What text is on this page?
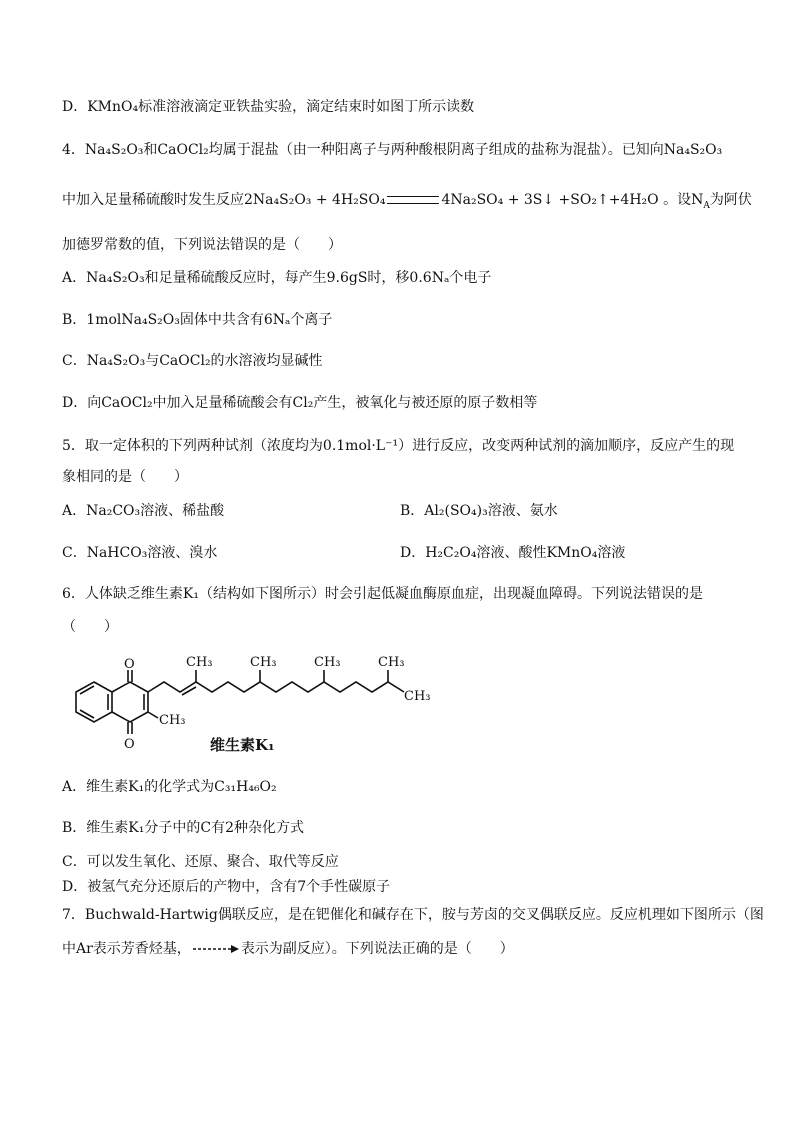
D．KMnO₄标准溶液滴定亚铁盐实验，滴定结束时如图丁所示读数
4．Na₄S₂O₃和CaOCl₂均属于混盐（由一种阳离子与两种酸根阴离子组成的盐称为混盐）。已知向Na₄S₂O₃
中加入足量稀硫酸时发生反应2Na₄S₂O₃ + 4H₂SO₄	4Na₂SO₄ + 3S↓ +SO₂↑+4H₂O 。设$N_A$为阿伏
加德罗常数的值，下列说法错误的是（　　）
A．Na₄S₂O₃和足量稀硫酸反应时，每产生9.6gS时，移0.6Nₐ个电子
B．1molNa₄S₂O₃固体中共含有6Nₐ个离子
C．Na₄S₂O₃与CaOCl₂的水溶液均显碱性
D．向CaOCl₂中加入足量稀硫酸会有Cl₂产生，被氧化与被还原的原子数相等
5．取一定体积的下列两种试剂（浓度均为0.1mol·L⁻¹）进行反应，改变两种试剂的滴加顺序，反应产生的现
象相同的是（　　）
A．Na₂CO₃溶液、稀盐酸	B．Al₂(SO₄)₃溶液、氨水
C．NaHCO₃溶液、溴水	D．H₂C₂O₄溶液、酸性KMnO₄溶液
6．人体缺乏维生素K₁（结构如下图所示）时会引起低凝血酶原血症，出现凝血障碍。下列说法错误的是
（　　）
O
O
CH₃
CH₃	CH₃	CH₃	CH₃
CH₃
维生素K₁
A．维生素K₁的化学式为C₃₁H₄₆O₂
B．维生素K₁分子中的C有2种杂化方式
C．可以发生氧化、还原、聚合、取代等反应
D．被氢气充分还原后的产物中，含有7个手性碳原子
7．Buchwald-Hartwig偶联反应，是在钯催化和碱存在下，胺与芳卤的交叉偶联反应。反应机理如下图所示（图
中Ar表示芳香烃基，	表示为副反应）。下列说法正确的是（　　）
